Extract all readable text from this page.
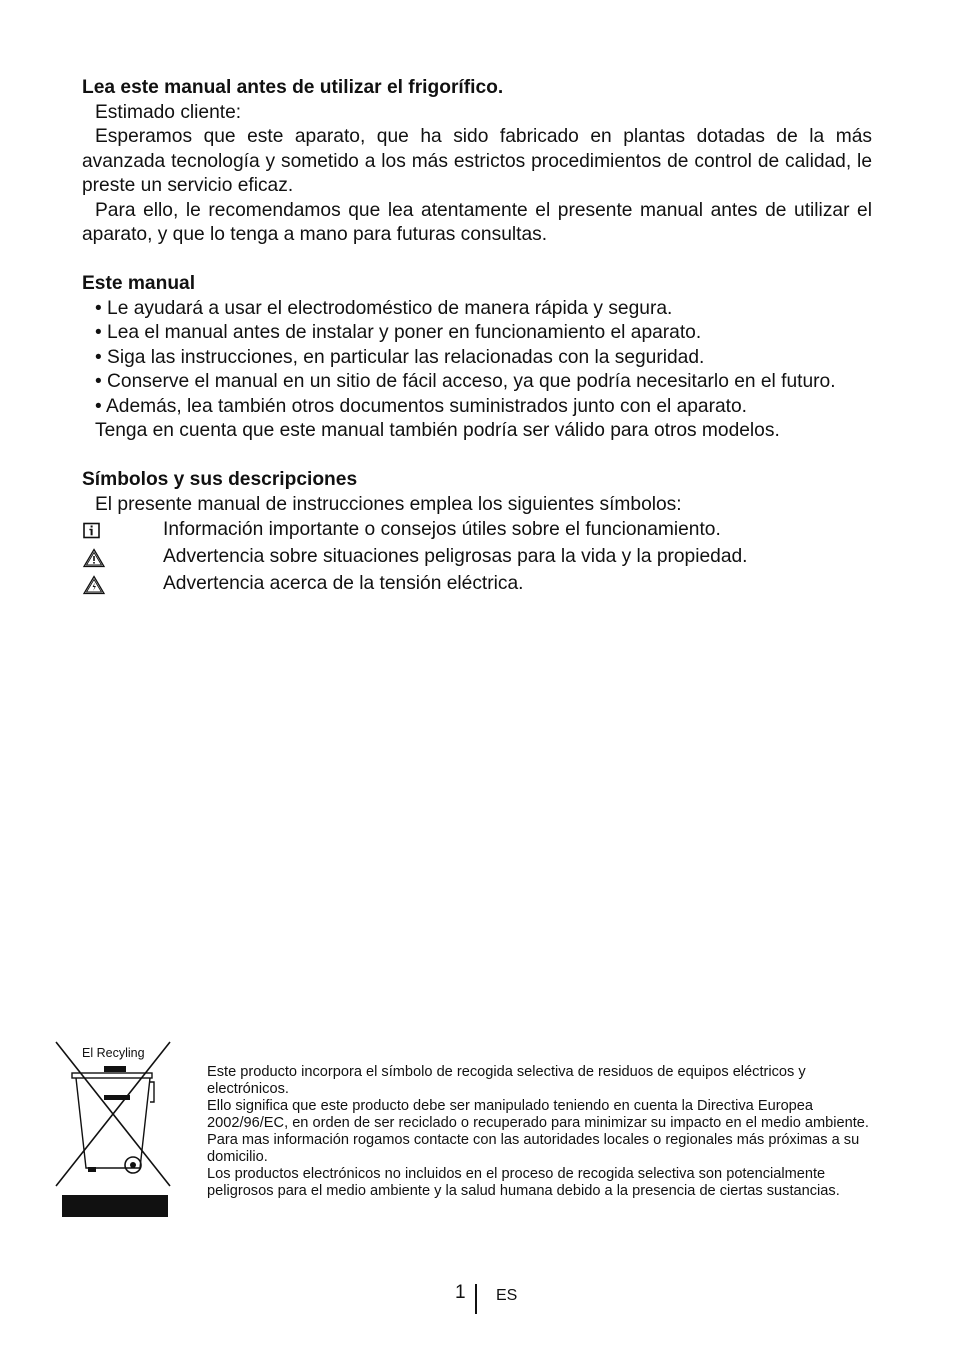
Lea este manual antes de utilizar el frigorífico.

Estimado cliente:

Esperamos que este aparato, que ha sido fabricado en plantas dotadas de la más avanzada tecnología y sometido a los más estrictos procedimientos de control de calidad, le preste un servicio eficaz.

Para ello, le recomendamos que lea atentamente el presente manual antes de utilizar el aparato, y que lo tenga a mano para futuras consultas.

Este manual

• Le ayudará a usar el electrodoméstico de manera rápida y segura.

• Lea el manual antes de instalar y poner en funcionamiento el aparato.

• Siga las instrucciones, en particular las relacionadas con la seguridad.

• Conserve el manual en un sitio de fácil acceso, ya que podría necesitarlo en el futuro.

• Además, lea también otros documentos suministrados junto con el aparato.

Tenga en cuenta que este manual también podría ser válido para otros modelos.

Símbolos y sus descripciones

El presente manual de instrucciones emplea los siguientes símbolos:

Información importante o consejos útiles sobre el funcionamiento.
Advertencia sobre situaciones peligrosas para la vida y la propiedad.
Advertencia acerca de la tensión eléctrica.
El Recyling

Este producto incorpora el símbolo de recogida selectiva de residuos de equipos eléctricos y electrónicos.

Ello significa que este producto debe ser manipulado teniendo en cuenta la Directiva Europea 2002/96/EC, en orden de ser reciclado o recuperado para minimizar su impacto en el medio ambiente. Para mas información rogamos contacte con las autoridades locales o regionales más próximas a su domicilio.

Los productos electrónicos no incluidos en el proceso de recogida selectiva son potencialmente peligrosos para el medio ambiente y la salud humana debido a la presencia de ciertas sustancias.

1 ES
